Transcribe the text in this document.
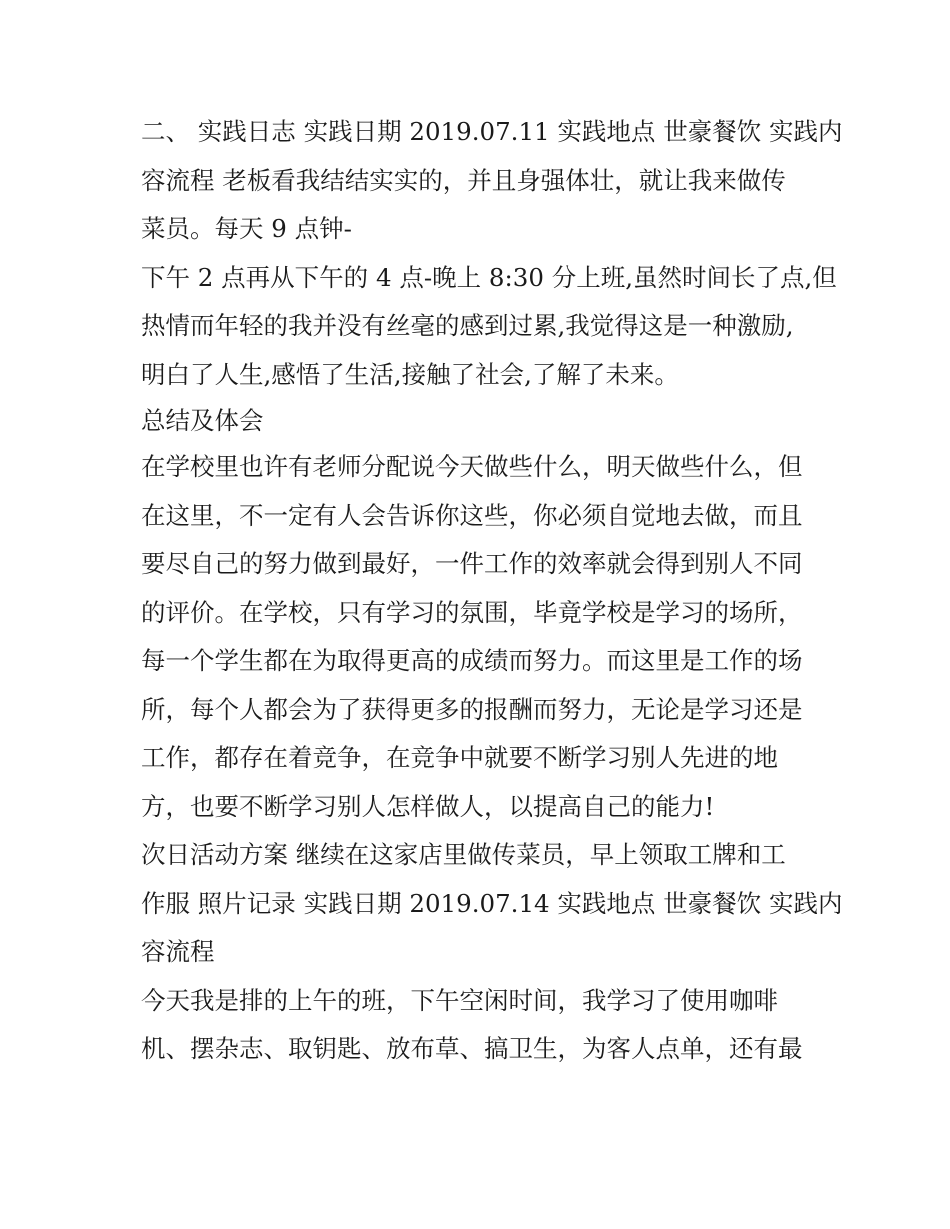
二、 实践日志 实践日期 2019.07.11 实践地点 世豪餐饮 实践内
容流程 老板看我结结实实的，并且身强体壮，就让我来做传
菜员。每天 9 点钟-
下午 2 点再从下午的 4 点-晚上 8:30 分上班,虽然时间长了点,但
热情而年轻的我并没有丝毫的感到过累,我觉得这是一种激励,
明白了人生,感悟了生活,接触了社会,了解了未来。
总结及体会
在学校里也许有老师分配说今天做些什么，明天做些什么，但
在这里，不一定有人会告诉你这些，你必须自觉地去做，而且
要尽自己的努力做到最好，一件工作的效率就会得到别人不同
的评价。在学校，只有学习的氛围，毕竟学校是学习的场所，
每一个学生都在为取得更高的成绩而努力。而这里是工作的场
所，每个人都会为了获得更多的报酬而努力，无论是学习还是
工作，都存在着竞争，在竞争中就要不断学习别人先进的地
方，也要不断学习别人怎样做人，以提高自己的能力!
次日活动方案 继续在这家店里做传菜员，早上领取工牌和工
作服 照片记录 实践日期 2019.07.14 实践地点 世豪餐饮 实践内
容流程
今天我是排的上午的班，下午空闲时间，我学习了使用咖啡
机、摆杂志、取钥匙、放布草、搞卫生，为客人点单，还有最
